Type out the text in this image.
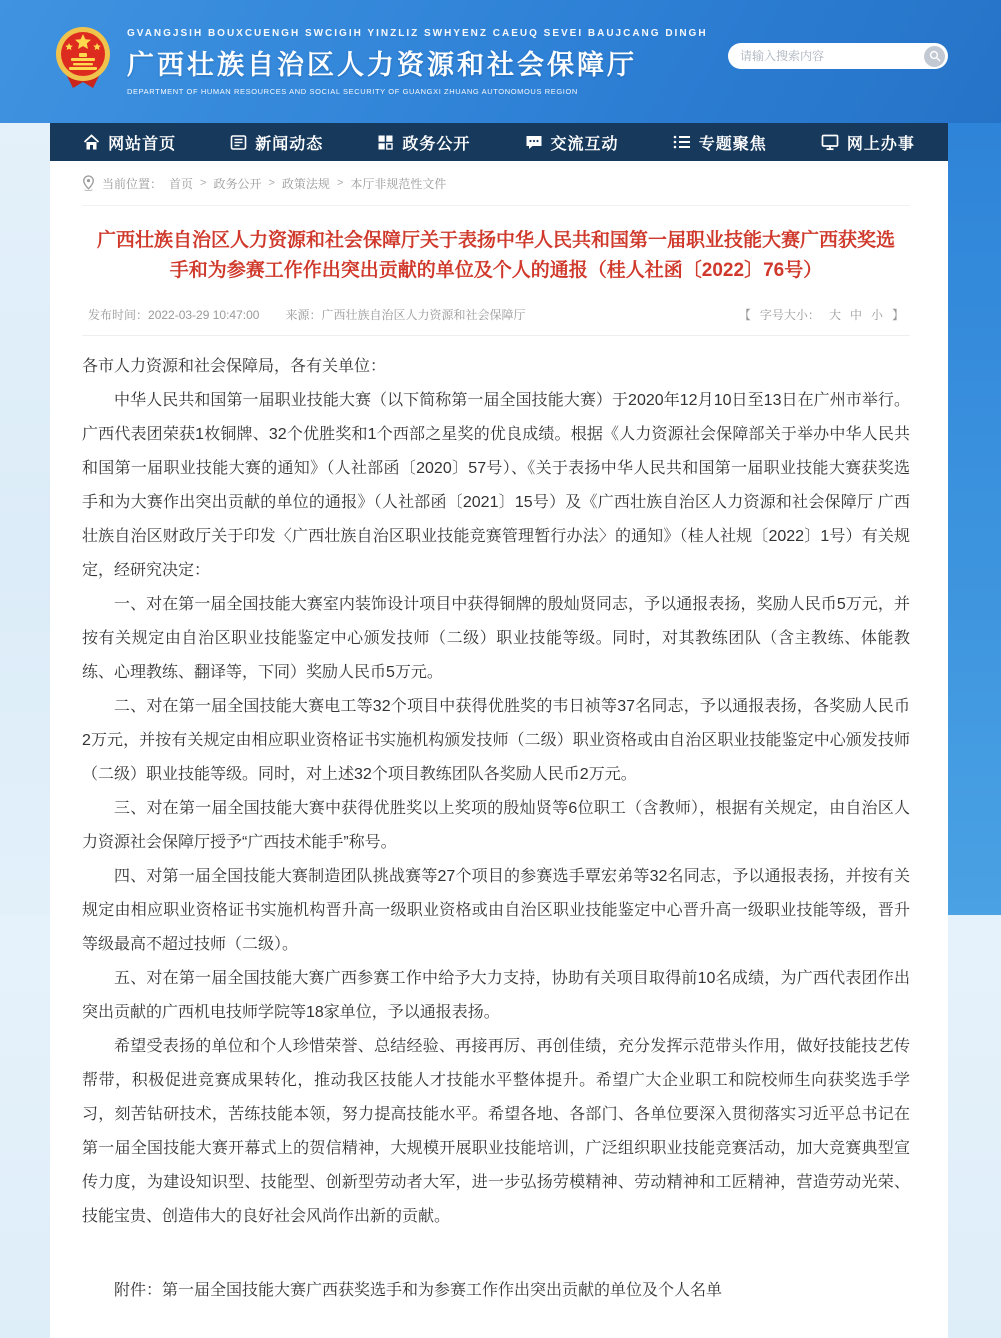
GVANGJSIH BOUXCUENGH SWCIGIH YINZLIZ SWHYENZ CAEUQ SEVEI BAUJCANG DINGH
广西壮族自治区人力资源和社会保障厅
DEPARTMENT OF HUMAN RESOURCES AND SOCIAL SECURITY OF GUANGXI ZHUANG AUTONOMOUS REGION
请输入搜索内容
网站首页	新闻动态	政务公开	交流互动	专题聚焦	网上办事
当前位置： 首页 > 政务公开 > 政策法规 > 本厅非规范性文件
广西壮族自治区人力资源和社会保障厅关于表扬中华人民共和国第一届职业技能大赛广西获奖选手和为参赛工作作出突出贡献的单位及个人的通报（桂人社函〔2022〕76号）
发布时间： 2022-03-29 10:47:00 来源： 广西壮族自治区人力资源和社会保障厅	【 字号大小： 大 中 小 】

各市人力资源和社会保障局，各有关单位：

中华人民共和国第一届职业技能大赛（以下简称第一届全国技能大赛）于2020年12月10日至13日在广州市举行。广西代表团荣获1枚铜牌、32个优胜奖和1个西部之星奖的优良成绩。根据《人力资源社会保障部关于举办中华人民共和国第一届职业技能大赛的通知》（人社部函〔2020〕57号）、《关于表扬中华人民共和国第一届职业技能大赛获奖选手和为大赛作出突出贡献的单位的通报》（人社部函〔2021〕15号）及《广西壮族自治区人力资源和社会保障厅 广西壮族自治区财政厅关于印发〈广西壮族自治区职业技能竞赛管理暂行办法〉的通知》（桂人社规〔2022〕1号）有关规定，经研究决定：

一、对在第一届全国技能大赛室内装饰设计项目中获得铜牌的殷灿贤同志，予以通报表扬，奖励人民币5万元，并按有关规定由自治区职业技能鉴定中心颁发技师（二级）职业技能等级。同时，对其教练团队（含主教练、体能教练、心理教练、翻译等，下同）奖励人民币5万元。

二、对在第一届全国技能大赛电工等32个项目中获得优胜奖的韦日祯等37名同志，予以通报表扬，各奖励人民币2万元，并按有关规定由相应职业资格证书实施机构颁发技师（二级）职业资格或由自治区职业技能鉴定中心颁发技师（二级）职业技能等级。同时，对上述32个项目教练团队各奖励人民币2万元。

三、对在第一届全国技能大赛中获得优胜奖以上奖项的殷灿贤等6位职工（含教师），根据有关规定，由自治区人力资源社会保障厅授予“广西技术能手”称号。

四、对第一届全国技能大赛制造团队挑战赛等27个项目的参赛选手覃宏弟等32名同志，予以通报表扬，并按有关规定由相应职业资格证书实施机构晋升高一级职业资格或由自治区职业技能鉴定中心晋升高一级职业技能等级，晋升等级最高不超过技师（二级）。

五、对在第一届全国技能大赛广西参赛工作中给予大力支持，协助有关项目取得前10名成绩，为广西代表团作出突出贡献的广西机电技师学院等18家单位，予以通报表扬。

希望受表扬的单位和个人珍惜荣誉、总结经验、再接再厉、再创佳绩，充分发挥示范带头作用，做好技能技艺传帮带，积极促进竞赛成果转化，推动我区技能人才技能水平整体提升。希望广大企业职工和院校师生向获奖选手学习，刻苦钻研技术，苦练技能本领，努力提高技能水平。希望各地、各部门、各单位要深入贯彻落实习近平总书记在第一届全国技能大赛开幕式上的贺信精神，大规模开展职业技能培训，广泛组织职业技能竞赛活动，加大竞赛典型宣传力度，为建设知识型、技能型、创新型劳动者大军，进一步弘扬劳模精神、劳动精神和工匠精神，营造劳动光荣、技能宝贵、创造伟大的良好社会风尚作出新的贡献。

附件：第一届全国技能大赛广西获奖选手和为参赛工作作出突出贡献的单位及个人名单
